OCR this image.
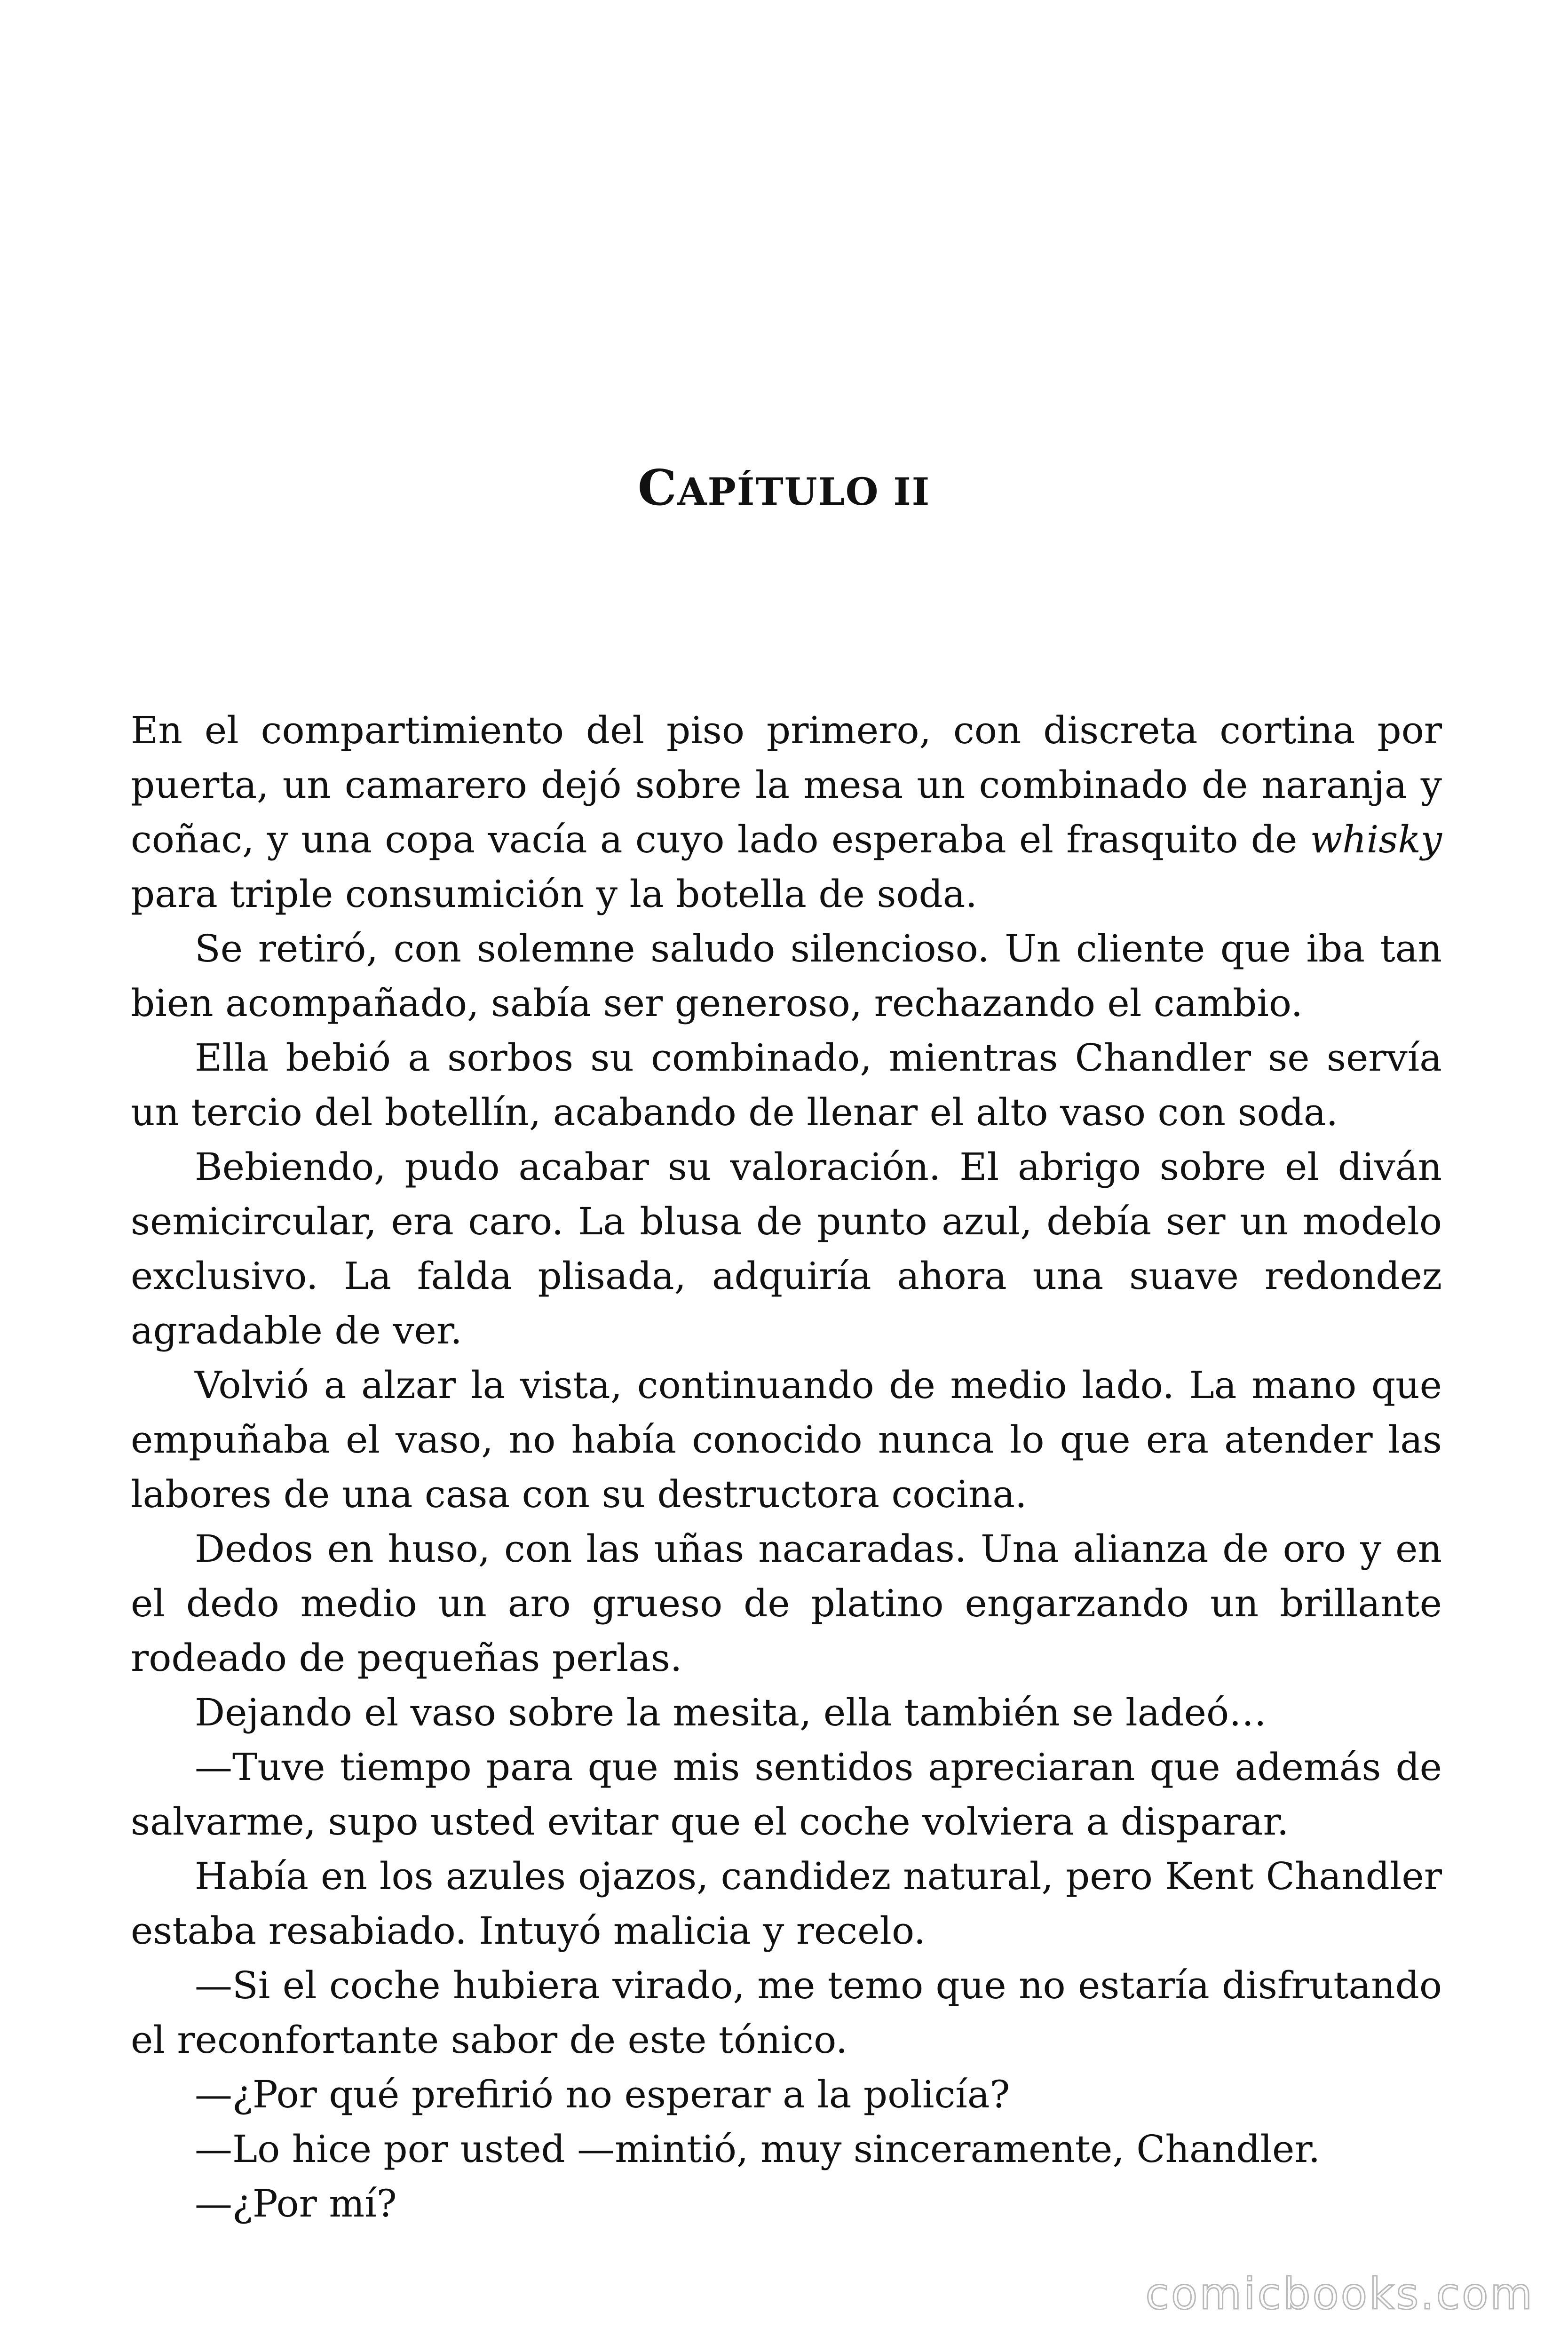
CAPÍTULO II

En el compartimiento del piso primero, con discreta cortina por puerta, un camarero dejó sobre la mesa un combinado de naranja y coñac, y una copa vacía a cuyo lado esperaba el frasquito de whisky para triple consumición y la botella de soda.

Se retiró, con solemne saludo silencioso. Un cliente que iba tan bien acompañado, sabía ser generoso, rechazando el cambio.

Ella bebió a sorbos su combinado, mientras Chandler se servía un tercio del botellín, acabando de llenar el alto vaso con soda.

Bebiendo, pudo acabar su valoración. El abrigo sobre el diván semicircular, era caro. La blusa de punto azul, debía ser un modelo exclusivo. La falda plisada, adquiría ahora una suave redondez agradable de ver.

Volvió a alzar la vista, continuando de medio lado. La mano que empuñaba el vaso, no había conocido nunca lo que era atender las labores de una casa con su destructora cocina.

Dedos en huso, con las uñas nacaradas. Una alianza de oro y en el dedo medio un aro grueso de platino engarzando un brillante rodeado de pequeñas perlas.

Dejando el vaso sobre la mesita, ella también se ladeó…

—Tuve tiempo para que mis sentidos apreciaran que además de salvarme, supo usted evitar que el coche volviera a disparar.

Había en los azules ojazos, candidez natural, pero Kent Chandler estaba resabiado. Intuyó malicia y recelo.

—Si el coche hubiera virado, me temo que no estaría disfrutando el reconfortante sabor de este tónico.

—¿Por qué prefirió no esperar a la policía?

—Lo hice por usted —mintió, muy sinceramente, Chandler.

—¿Por mí?

comicbooks.com
